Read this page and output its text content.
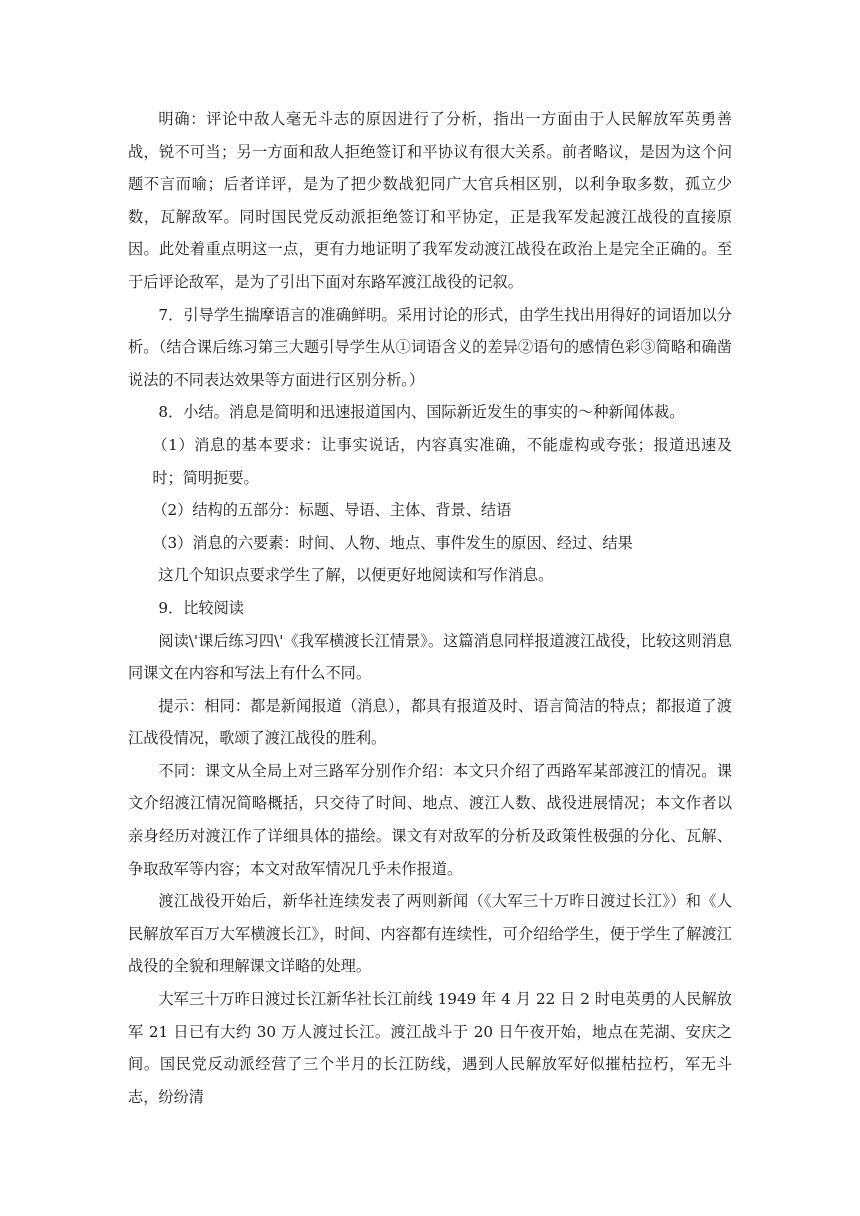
明确：评论中敌人毫无斗志的原因进行了分析，指出一方面由于人民解放军英勇善战，锐不可当；另一方面和敌人拒绝签订和平协议有很大关系。前者略议，是因为这个问题不言而喻；后者详评，是为了把少数战犯同广大官兵相区别，以利争取多数，孤立少数，瓦解敌军。同时国民党反动派拒绝签订和平协定，正是我军发起渡江战役的直接原因。此处着重点明这一点，更有力地证明了我军发动渡江战役在政治上是完全正确的。至于后评论敌军，是为了引出下面对东路军渡江战役的记叙。

7．引导学生揣摩语言的准确鲜明。采用讨论的形式，由学生找出用得好的词语加以分析。（结合课后练习第三大题引导学生从①词语含义的差异②语句的感情色彩③简略和确凿说法的不同表达效果等方面进行区别分析。）

8．小结。消息是简明和迅速报道国内、国际新近发生的事实的～种新闻体裁。

（1）消息的基本要求：让事实说话，内容真实准确，不能虚构或夸张；报道迅速及时；简明扼要。

（2）结构的五部分：标题、导语、主体、背景、结语

（3）消息的六要素：时间、人物、地点、事件发生的原因、经过、结果

这几个知识点要求学生了解，以便更好地阅读和写作消息。

9．比较阅读

阅读\'课后练习四\'《我军横渡长江情景》。这篇消息同样报道渡江战役，比较这则消息同课文在内容和写法上有什么不同。

提示：相同：都是新闻报道（消息），都具有报道及时、语言简洁的特点；都报道了渡江战役情况，歌颂了渡江战役的胜利。

不同：课文从全局上对三路军分别作介绍：本文只介绍了西路军某部渡江的情况。课文介绍渡江情况简略概括，只交待了时间、地点、渡江人数、战役进展情况；本文作者以亲身经历对渡江作了详细具体的描绘。课文有对敌军的分析及政策性极强的分化、瓦解、争取敌军等内容；本文对敌军情况几乎未作报道。

渡江战役开始后，新华社连续发表了两则新闻（《大军三十万昨日渡过长江》）和《人民解放军百万大军横渡长江》，时间、内容都有连续性，可介绍给学生，便于学生了解渡江战役的全貌和理解课文详略的处理。

大军三十万昨日渡过长江新华社长江前线 1949 年 4 月 22 日 2 时电英勇的人民解放军 21 日已有大约 30 万人渡过长江。渡江战斗于 20 日午夜开始，地点在芜湖、安庆之间。国民党反动派经营了三个半月的长江防线，遇到人民解放军好似摧枯拉朽，军无斗志，纷纷清
